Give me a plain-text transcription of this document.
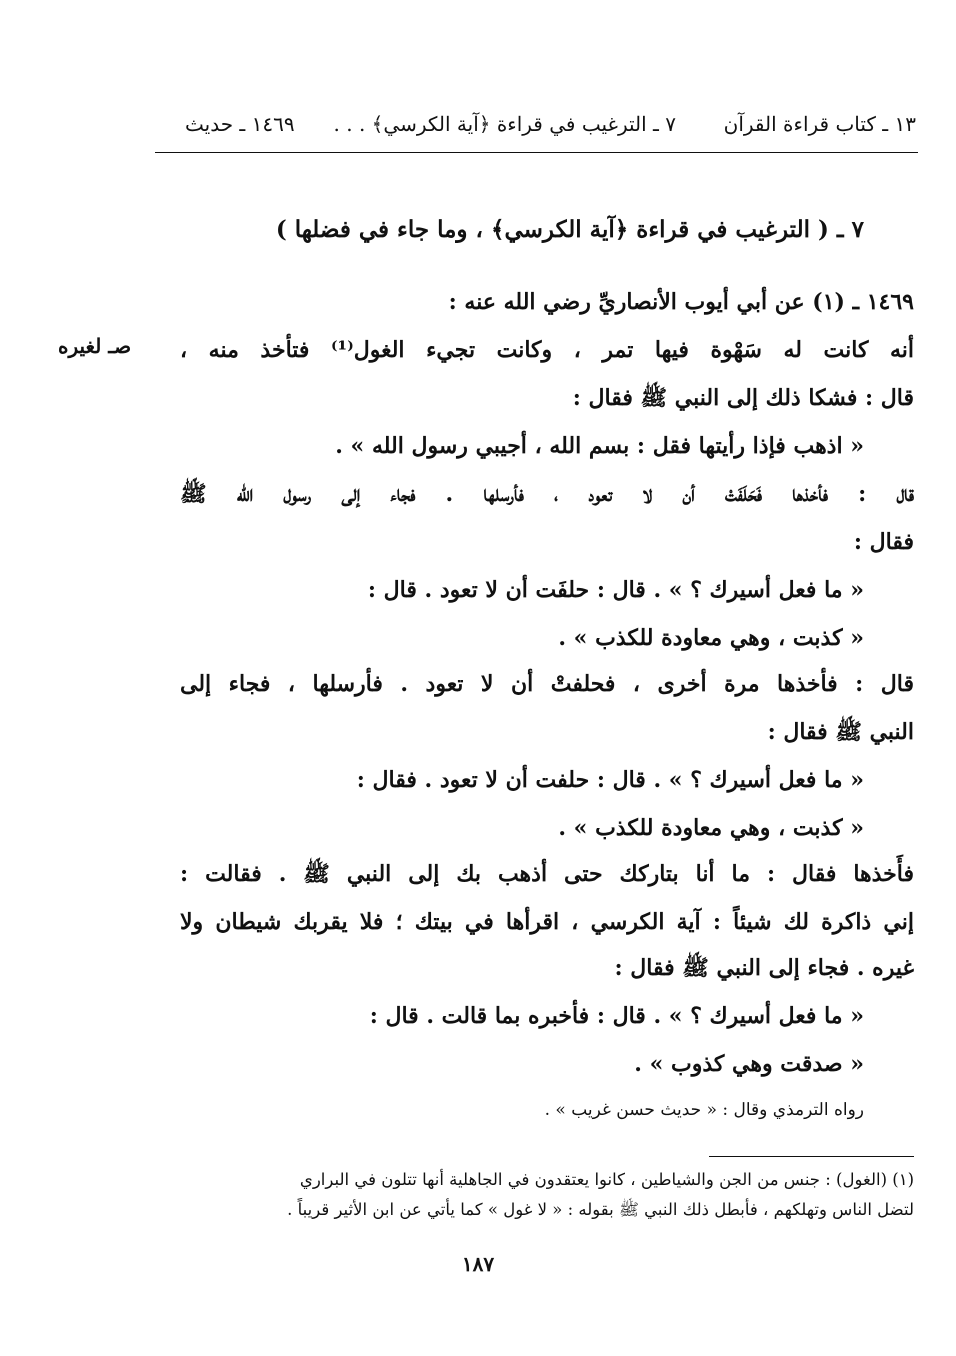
١٣ ـ كتاب قراءة القرآن
٧ ـ الترغيب في قراءة ﴿آية الكرسي﴾ . . .
١٤٦٩ ـ حديث
٧ ـ ( الترغيب في قراءة ﴿آية الكرسي﴾ ، وما جاء في فضلها )
١٤٦٩ ـ (١) عن أبي أيوب الأنصاريِّ رضي الله عنه :
أنه كانت له سَهْوة فيها تمر ، وكانت تجيء الغول⁽¹⁾ فتأخذ منه ،
صـ لغيره
قال : فشكا ذلك إلى النبي ﷺ فقال :
« اذهب فإذا رأيتها فقل : بسم الله ، أجيبي رسول الله » .
قال : فأخذها فَحَلَفَتْ أن لا تعود ، فأرسلها . فجاء إلى رسول الله ﷺ
فقال :
« ما فعل أسيرك ؟ » . قال : حلفَت أن لا تعود . قال :
« كذبت ، وهي معاودة للكذب » .
قال : فأخذها مرة أخرى ، فحلفتْ أن لا تعود . فأرسلها ، فجاء إلى
النبي ﷺ فقال :
« ما فعل أسيرك ؟ » . قال : حلفت أن لا تعود . فقال :
« كذبت ، وهي معاودة للكذب » .
فأَخذها فقال : ما أنا بتاركك حتى أذهب بك إلى النبي ﷺ . فقالت :
إني ذاكرة لك شيئاً : آية الكرسي ، اقرأها في بيتك ؛ فلا يقربك شيطان ولا
غيره . فجاء إلى النبي ﷺ فقال :
« ما فعل أسيرك ؟ » . قال : فأخبره بما قالت . قال :
« صدقت وهي كذوب » .
رواه الترمذي وقال : « حديث حسن غريب » .
(١) (الغول) : جنس من الجن والشياطين ، كانوا يعتقدون في الجاهلية أنها تتلون في البراري
لتضل الناس وتهلكهم ، فأبطل ذلك النبي ﷺ بقوله : « لا غول » كما يأتي عن ابن الأثير قريباً .
١٨٧
